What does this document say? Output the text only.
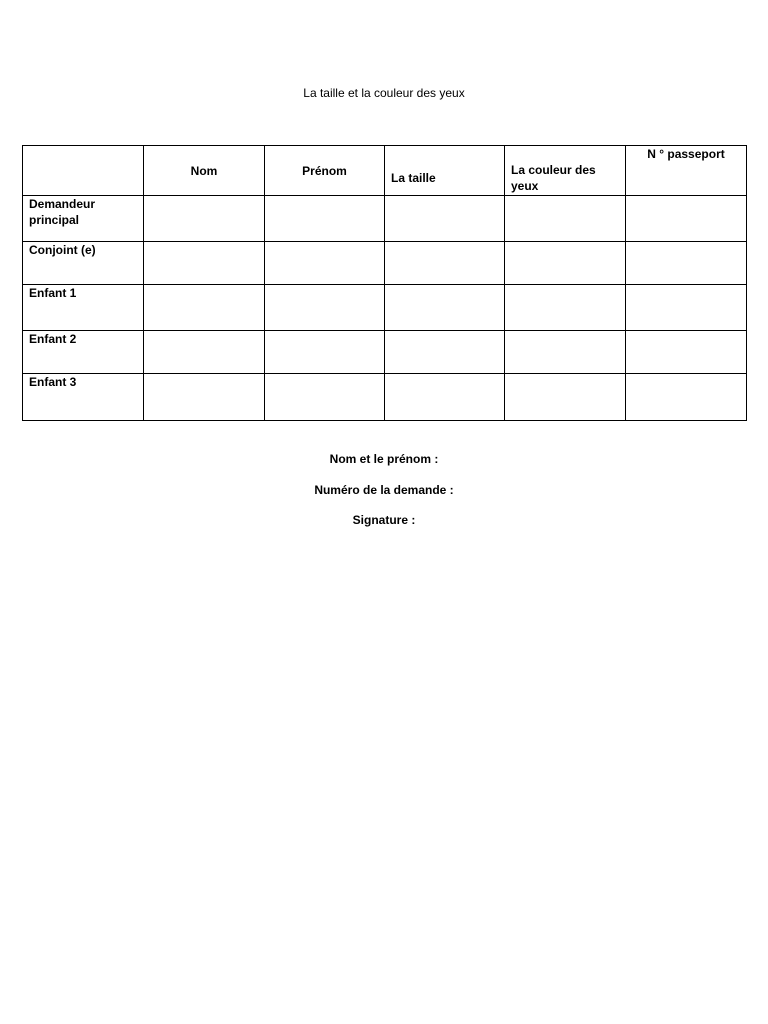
La taille et la couleur des yeux
	Nom	Prénom	La taille	La couleur des yeux	N ° passeport
Demandeur principal					
Conjoint (e)					
Enfant 1					
Enfant 2					
Enfant 3					
Nom et le prénom :
Numéro de la demande :
Signature :
